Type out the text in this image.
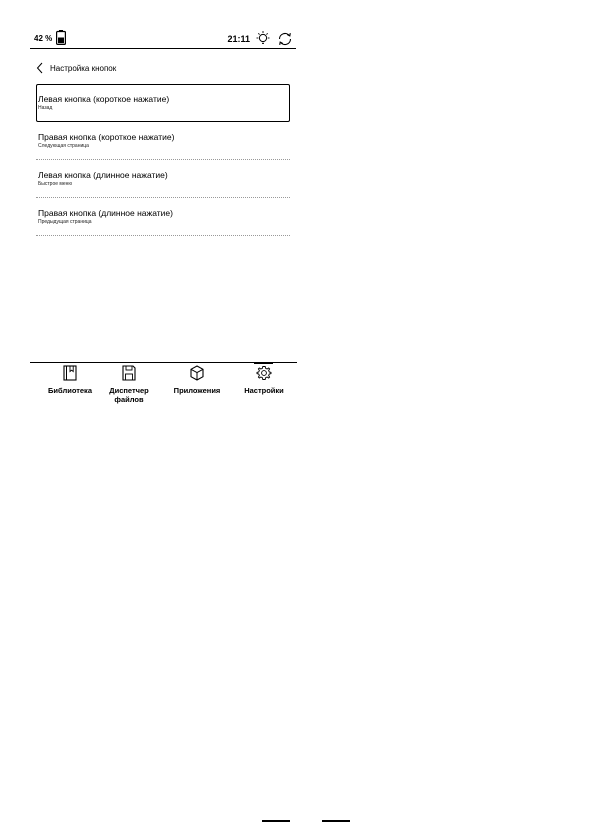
42 %	21:11
Настройка кнопок
Левая кнопка (короткое нажатие)
Назад
Правая кнопка (короткое нажатие)
Следующая страница
Левая кнопка (длинное нажатие)
Быстрое меню
Правая кнопка (длинное нажатие)
Предыдущая страница
Библиотека	Диспетчер
файлов
Приложения	Настройки
